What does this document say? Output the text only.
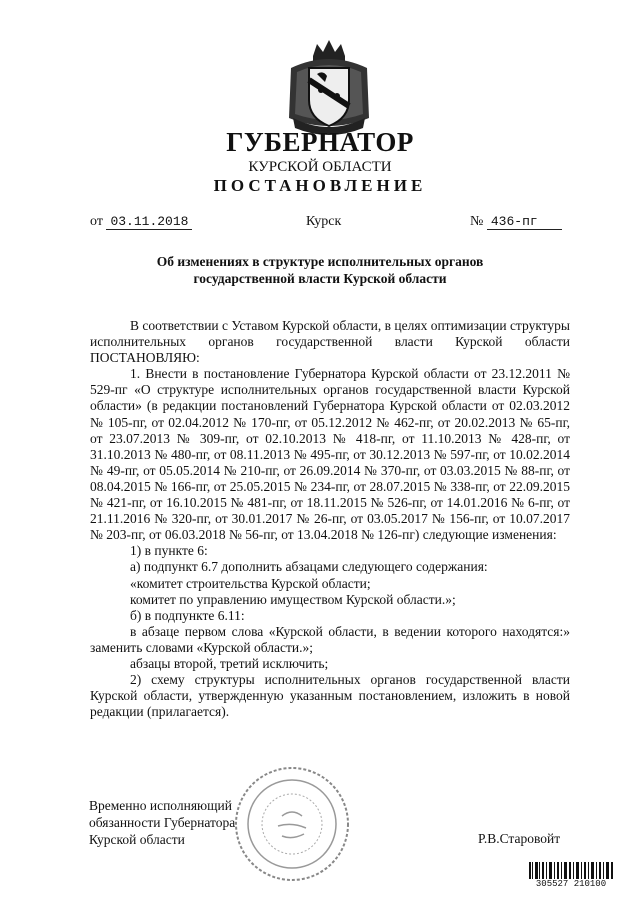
ГУБЕРНАТОР
КУРСКОЙ ОБЛАСТИ
ПОСТАНОВЛЕНИЕ
от 03.11.2018	Курск	№ 436-пг
Об изменениях в структуре исполнительных органов
государственной власти Курской области

В соответствии с Уставом Курской области, в целях оптимизации структуры исполнительных органов государственной власти Курской области ПОСТАНОВЛЯЮ:

1. Внести в постановление Губернатора Курской области от 23.12.2011 № 529-пг «О структуре исполнительных органов государственной власти Курской области» (в редакции постановлений Губернатора Курской области от 02.03.2012 № 105-пг, от 02.04.2012 № 170-пг, от 05.12.2012 № 462-пг, от 20.02.2013 № 65-пг, от 23.07.2013 № 309-пг, от 02.10.2013 № 418-пг, от 11.10.2013 № 428-пг, от 31.10.2013 № 480-пг, от 08.11.2013 № 495-пг, от 30.12.2013 № 597-пг, от 10.02.2014 № 49-пг, от 05.05.2014 № 210-пг, от 26.09.2014 № 370-пг, от 03.03.2015 № 88-пг, от 08.04.2015 № 166-пг, от 25.05.2015 № 234-пг, от 28.07.2015 № 338-пг, от 22.09.2015 № 421-пг, от 16.10.2015 № 481-пг, от 18.11.2015 № 526-пг, от 14.01.2016 № 6-пг, от 21.11.2016 № 320-пг, от 30.01.2017 № 26-пг, от 03.05.2017 № 156-пг, от 10.07.2017 № 203-пг, от 06.03.2018 № 56-пг, от 13.04.2018 № 126-пг) следующие изменения:

1) в пункте 6:

а) подпункт 6.7 дополнить абзацами следующего содержания:

«комитет строительства Курской области;

комитет по управлению имуществом Курской области.»;

б) в подпункте 6.11:

в абзаце первом слова «Курской области, в ведении которого находятся:» заменить словами «Курской области.»;

абзацы второй, третий исключить;

2) схему структуры исполнительных органов государственной власти Курской области, утвержденную указанным постановлением, изложить в новой редакции (прилагается).

Временно исполняющий
обязанности Губернатора
Курской области	Р.В.Старовойт
305527 210100
